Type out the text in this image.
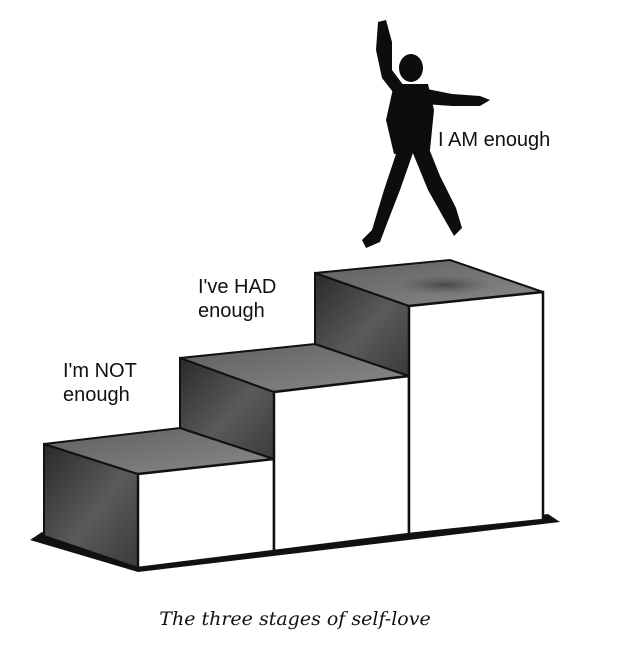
I'm NOT
enough
I've HAD
enough
I AM enough
The three stages of self-love
